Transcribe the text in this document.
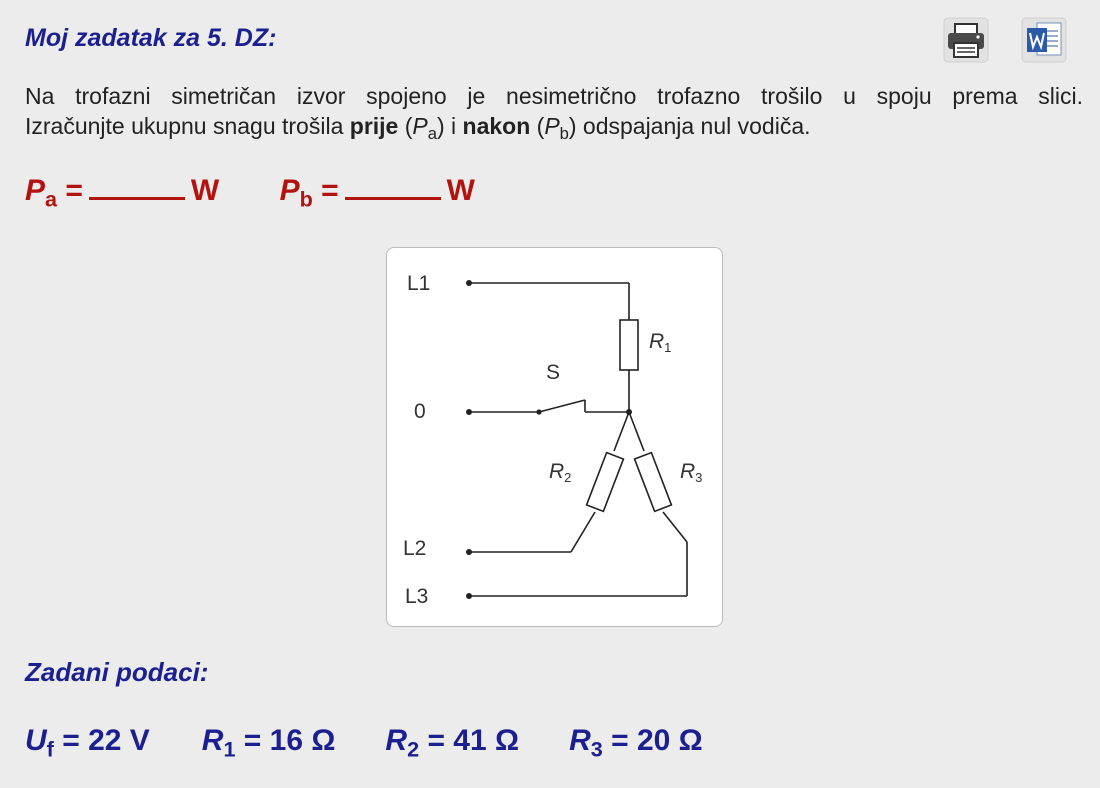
Moj zadatak za 5. DZ:
Na trofazni simetričan izvor spojeno je nesimetrično trofazno trošilo u spoju prema slici.
Izračunjte ukupnu snagu trošila prije $(P_a)$ i nakon $(P_b)$ odspajanja nul vodiča.
$P_a$ =	W $P_b$ =	W
L1
0
L2
L3
S
R1
R2	R3
Zadani podaci:
$U_f = 22$ V $R_1 = 16$ Ω $R_2 = 41$ Ω $R_3 = 20$ Ω
